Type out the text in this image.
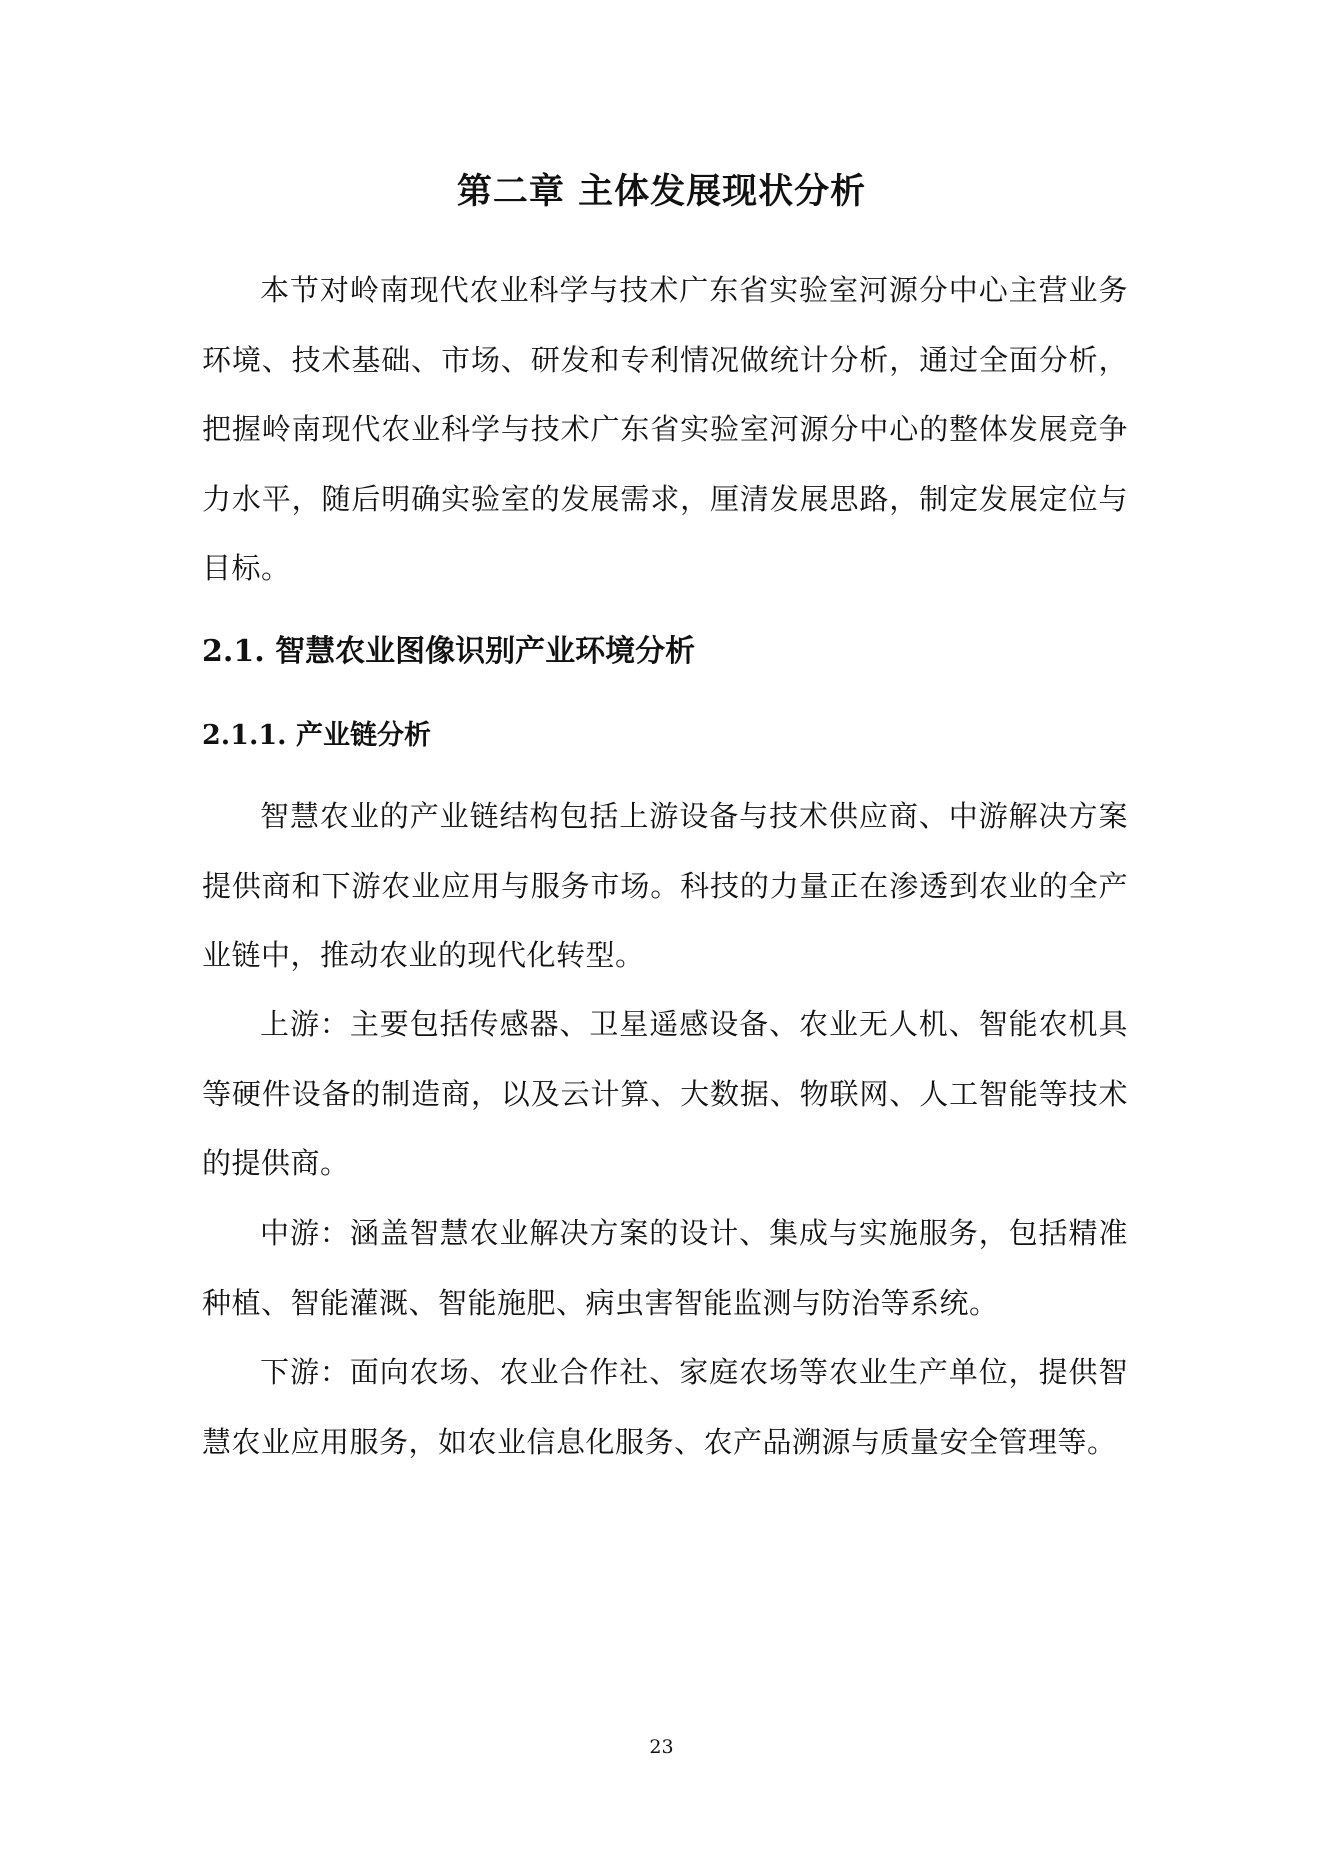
第二章 主体发展现状分析

本节对岭南现代农业科学与技术广东省实验室河源分中心主营业务环境、技术基础、市场、研发和专利情况做统计分析，通过全面分析，把握岭南现代农业科学与技术广东省实验室河源分中心的整体发展竞争力水平，随后明确实验室的发展需求，厘清发展思路，制定发展定位与目标。

2.1. 智慧农业图像识别产业环境分析
2.1.1. 产业链分析

智慧农业的产业链结构包括上游设备与技术供应商、中游解决方案提供商和下游农业应用与服务市场。科技的力量正在渗透到农业的全产业链中，推动农业的现代化转型。

上游：主要包括传感器、卫星遥感设备、农业无人机、智能农机具等硬件设备的制造商，以及云计算、大数据、物联网、人工智能等技术的提供商。

中游：涵盖智慧农业解决方案的设计、集成与实施服务，包括精准种植、智能灌溉、智能施肥、病虫害智能监测与防治等系统。

下游：面向农场、农业合作社、家庭农场等农业生产单位，提供智慧农业应用服务，如农业信息化服务、农产品溯源与质量安全管理等。

23
